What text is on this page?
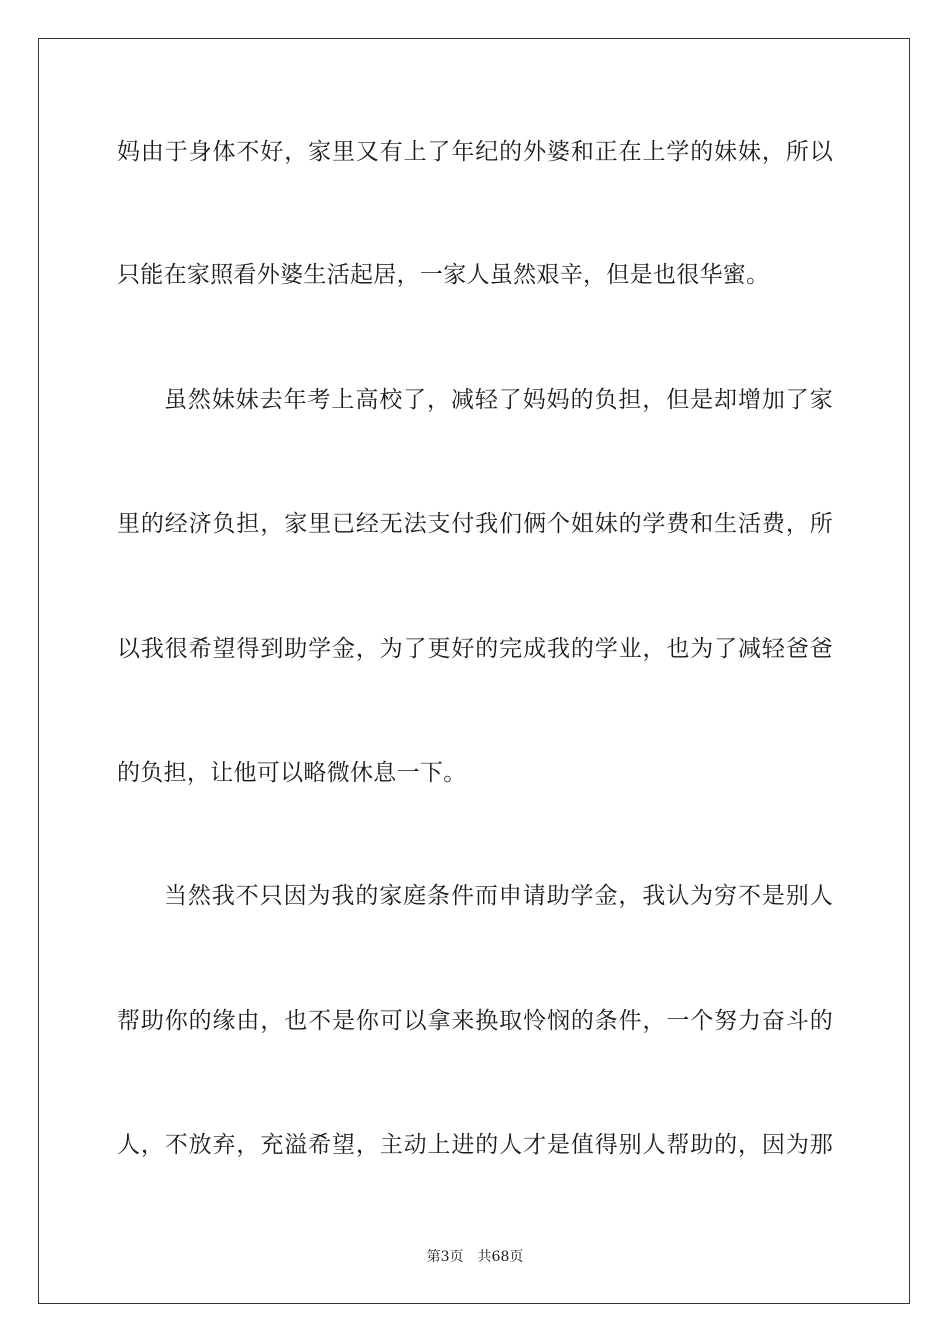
妈由于身体不好，家里又有上了年纪的外婆和正在上学的妹妹，所以
只能在家照看外婆生活起居，一家人虽然艰辛，但是也很华蜜。
虽然妹妹去年考上高校了，减轻了妈妈的负担，但是却增加了家
里的经济负担，家里已经无法支付我们俩个姐妹的学费和生活费，所
以我很希望得到助学金，为了更好的完成我的学业，也为了减轻爸爸
的负担，让他可以略微休息一下。
当然我不只因为我的家庭条件而申请助学金，我认为穷不是别人
帮助你的缘由，也不是你可以拿来换取怜悯的条件，一个努力奋斗的
人，不放弃，充溢希望，主动上进的人才是值得别人帮助的，因为那
第3页 共68页
